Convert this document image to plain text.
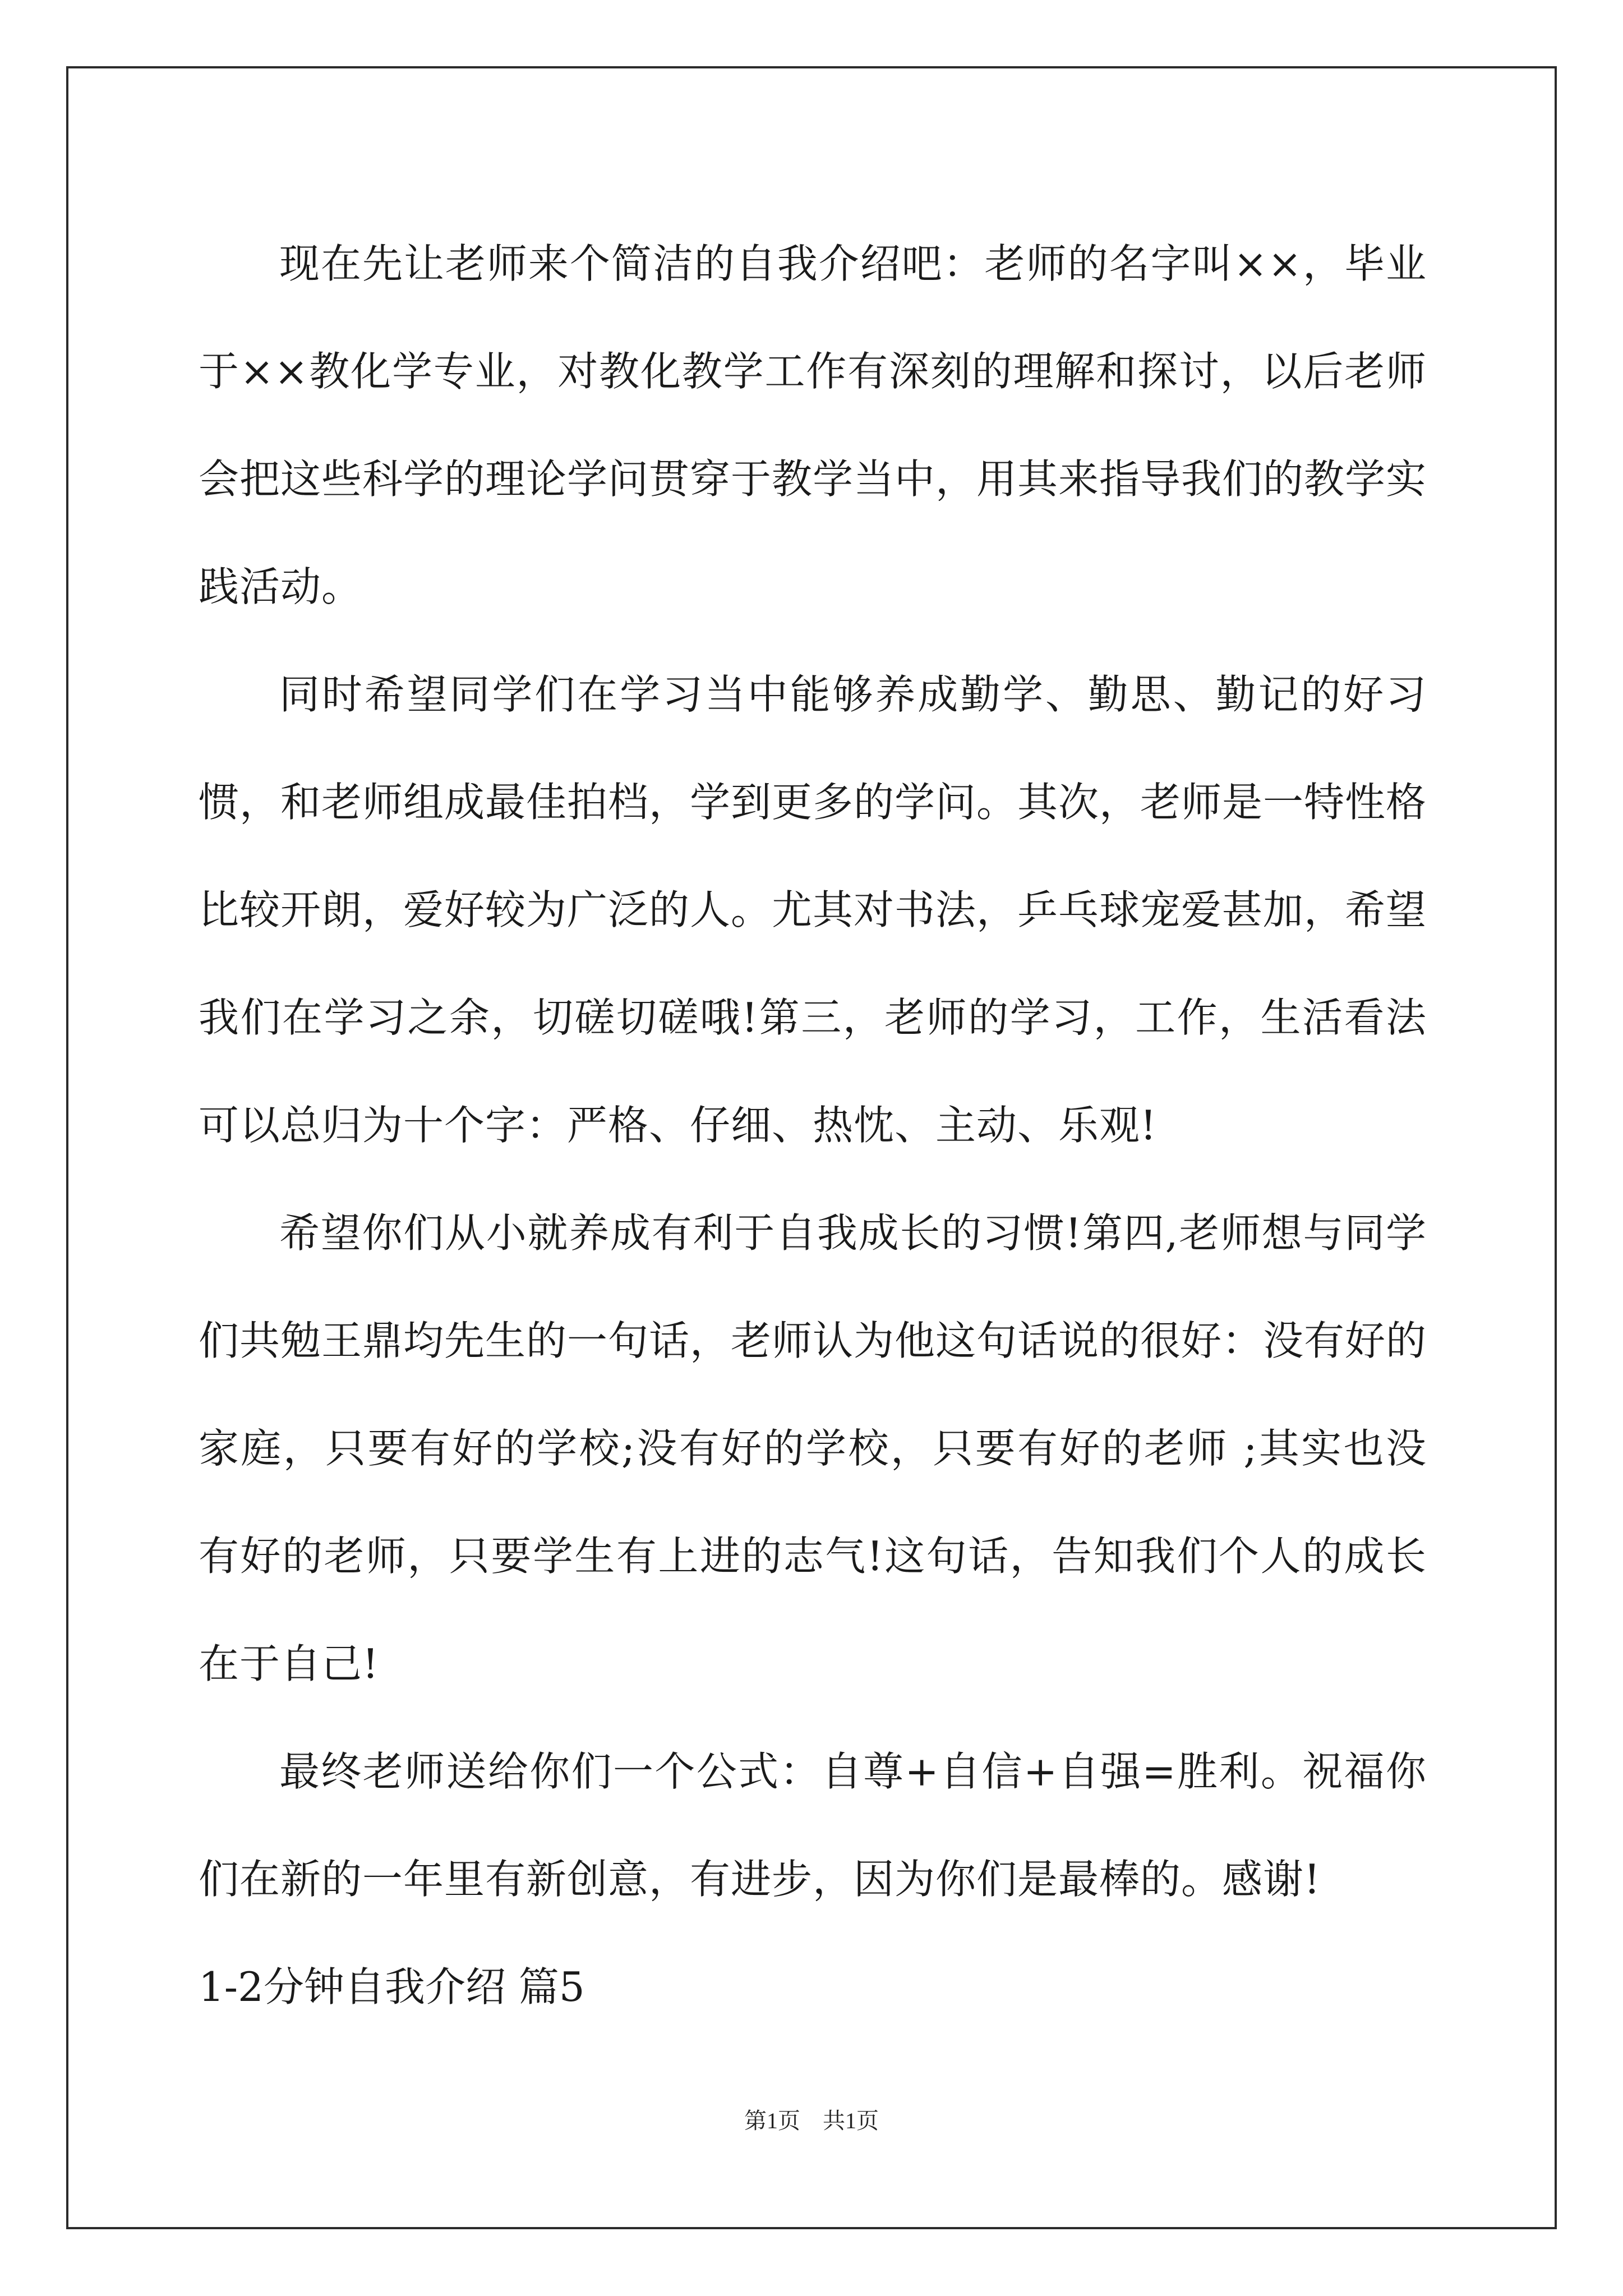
现在先让老师来个简洁的自我介绍吧：老师的名字叫××，毕业于××教化学专业，对教化教学工作有深刻的理解和探讨，以后老师会把这些科学的理论学问贯穿于教学当中，用其来指导我们的教学实践活动。

同时希望同学们在学习当中能够养成勤学、勤思、勤记的好习惯，和老师组成最佳拍档，学到更多的学问。其次，老师是一特性格比较开朗，爱好较为广泛的人。尤其对书法，乒乓球宠爱甚加，希望我们在学习之余，切磋切磋哦!第三，老师的学习，工作，生活看法可以总归为十个字：严格、仔细、热忱、主动、乐观!

希望你们从小就养成有利于自我成长的习惯!第四,老师想与同学们共勉王鼎均先生的一句话，老师认为他这句话说的很好：没有好的家庭，只要有好的学校;没有好的学校，只要有好的老师 ;其实也没有好的老师，只要学生有上进的志气!这句话，告知我们个人的成长在于自己!

最终老师送给你们一个公式：自尊+自信+自强=胜利。祝福你们在新的一年里有新创意，有进步，因为你们是最棒的。感谢!

1-2分钟自我介绍 篇5

第1页 共1页
